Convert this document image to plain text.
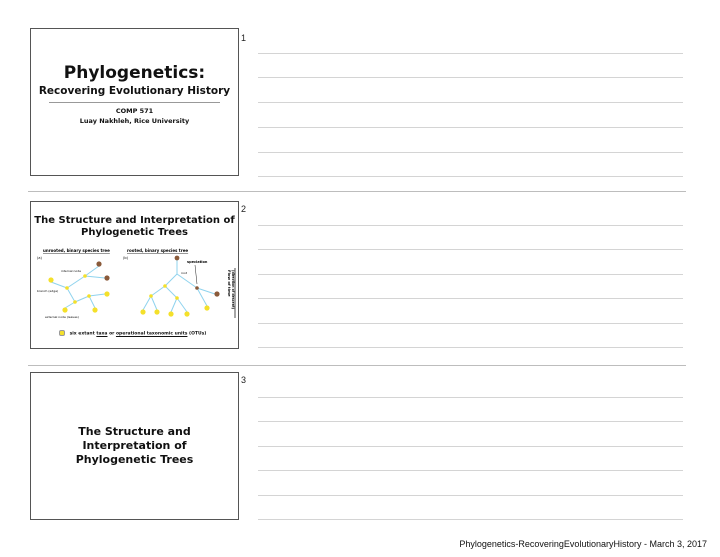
Phylogenetics:
Recovering Evolutionary History
COMP 571
Luay Nakhleh, Rice University
1
The Structure and Interpretation of Phylogenetic Trees
unrooted, binary species tree	rooted, binary species tree
(a)	(b)
internal node
branch (edge)
external node (leaves)
speciation
root	Flow of time (direction of descent)
six extant taxa or operational taxonomic units (OTUs)
2
The Structure and Interpretation of Phylogenetic Trees
3
Phylogenetics-RecoveringEvolutionaryHistory - March 3, 2017
